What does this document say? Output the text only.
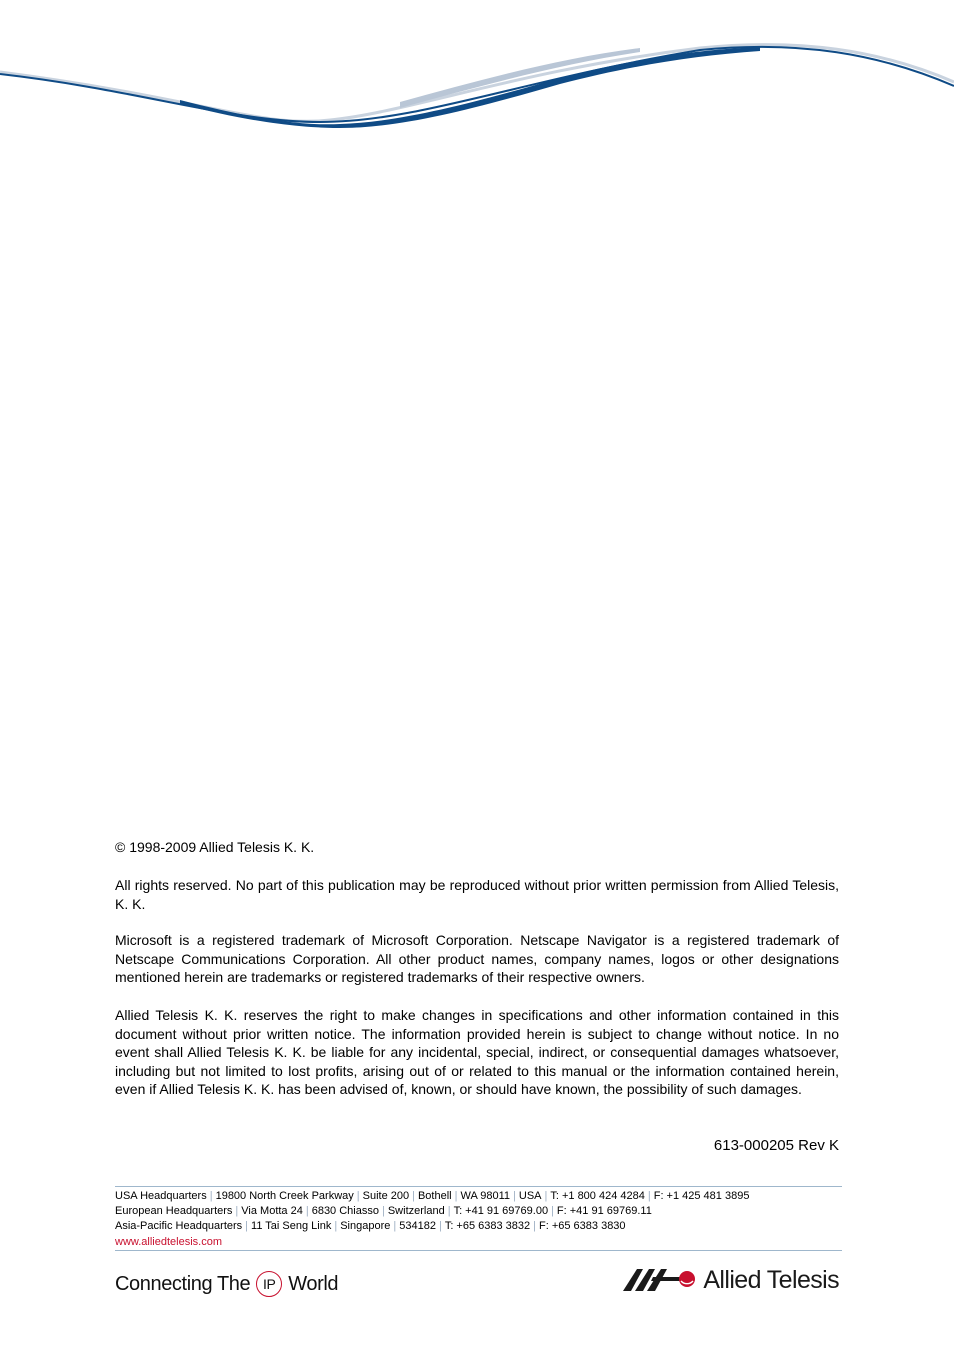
© 1998-2009 Allied Telesis K. K.

All rights reserved. No part of this publication may be reproduced without prior written permission from Allied Telesis, K. K.

Microsoft is a registered trademark of Microsoft Corporation. Netscape Navigator is a registered trademark of Netscape Communications Corporation. All other product names, company names, logos or other designations mentioned herein are trademarks or registered trademarks of their respective owners.

Allied Telesis K. K. reserves the right to make changes in specifications and other information contained in this document without prior written notice. The information provided herein is subject to change without notice. In no event shall Allied Telesis K. K. be liable for any incidental, special, indirect, or consequential damages whatsoever, including but not limited to lost profits, arising out of or related to this manual or the information contained herein, even if Allied Telesis K. K. has been advised of, known, or should have known, the possibility of such damages.

613-000205 Rev K
USA Headquarters | 19800 North Creek Parkway | Suite 200 | Bothell | WA 98011 | USA | T: +1 800 424 4284 | F: +1 425 481 3895
European Headquarters | Via Motta 24 | 6830 Chiasso | Switzerland | T: +41 91 69769.00 | F: +41 91 69769.11
Asia-Pacific Headquarters | 11 Tai Seng Link | Singapore | 534182 | T: +65 6383 3832 | F: +65 6383 3830
www.alliedtelesis.com
Connecting The IP World	Allied Telesis
